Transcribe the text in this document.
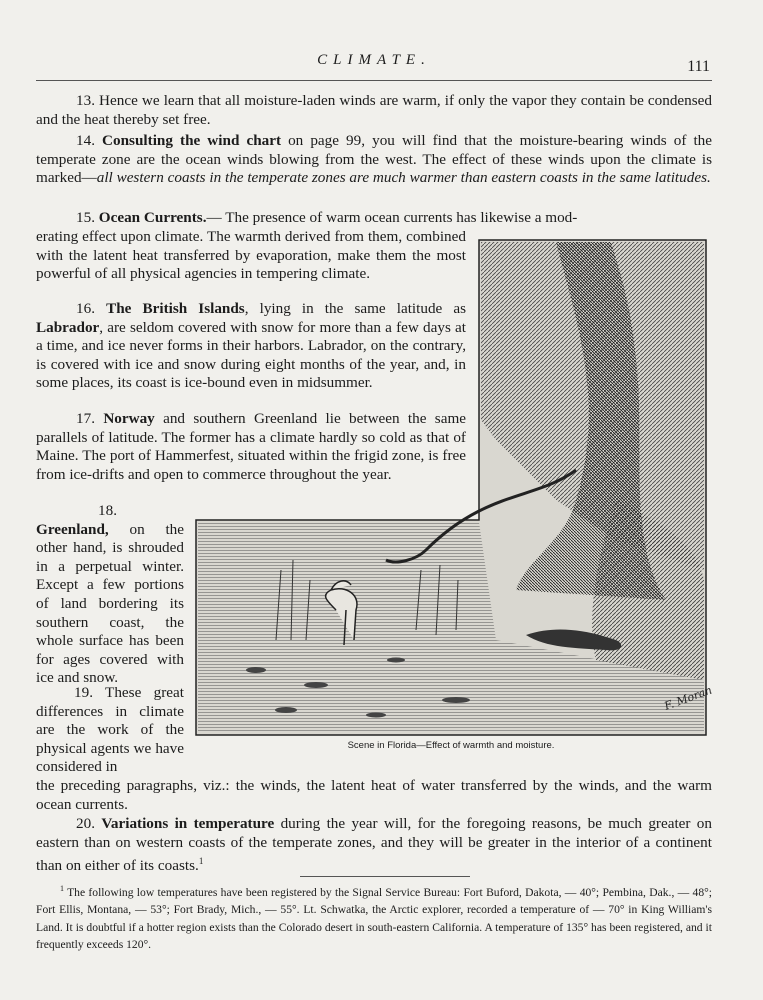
CLIMATE.	111

13. Hence we learn that all moisture-laden winds are warm, if only the vapor they contain be condensed and the heat thereby set free.

14. Consulting the wind chart on page 99, you will find that the moisture-bearing winds of the temperate zone are the ocean winds blowing from the west. The effect of these winds upon the climate is marked—all western coasts in the temperate zones are much warmer than eastern coasts in the same latitudes.

15. Ocean Currents.— The presence of warm ocean currents has likewise a mod-

erating effect upon climate. The warmth derived from them, combined with the latent heat transferred by evaporation, make them the most powerful of all physical agencies in tempering climate.

16. The British Islands, lying in the same latitude as Labrador, are seldom covered with snow for more than a few days at a time, and ice never forms in their harbors. Labrador, on the contrary, is covered with ice and snow during eight months of the year, and, in some places, its coast is ice-bound even in midsummer.

17. Norway and southern Greenland lie between the same parallels of latitude. The former has a climate hardly so cold as that of Maine. The port of Hammerfest, situated within the frigid zone, is free from ice-drifts and open to commerce throughout the year.

18. Greenland, on the other hand, is shrouded in a perpetual winter. Except a few portions of land bordering its southern coast, the whole surface has been for ages covered with ice and snow.

19. These great differences in climate are the work of the physical agents we have considered in

the preceding paragraphs, viz.: the winds, the latent heat of water transferred by the winds, and the warm ocean currents.

20. Variations in temperature during the year will, for the foregoing reasons, be much greater on eastern than on western coasts of the temperate zones, and they will be greater in the interior of a continent than on either of its coasts.$^1$

F. Moran
Scene in Florida—Effect of warmth and moisture.

$^1$ The following low temperatures have been registered by the Signal Service Bureau: Fort Buford, Dakota, — 40°; Pembina, Dak., — 48°; Fort Ellis, Montana, — 53°; Fort Brady, Mich., — 55°. Lt. Schwatka, the Arctic explorer, recorded a temperature of — 70° in King William's Land. It is doubtful if a hotter region exists than the Colorado desert in south-eastern California. A temperature of 135° has been registered, and it frequently exceeds 120°.
